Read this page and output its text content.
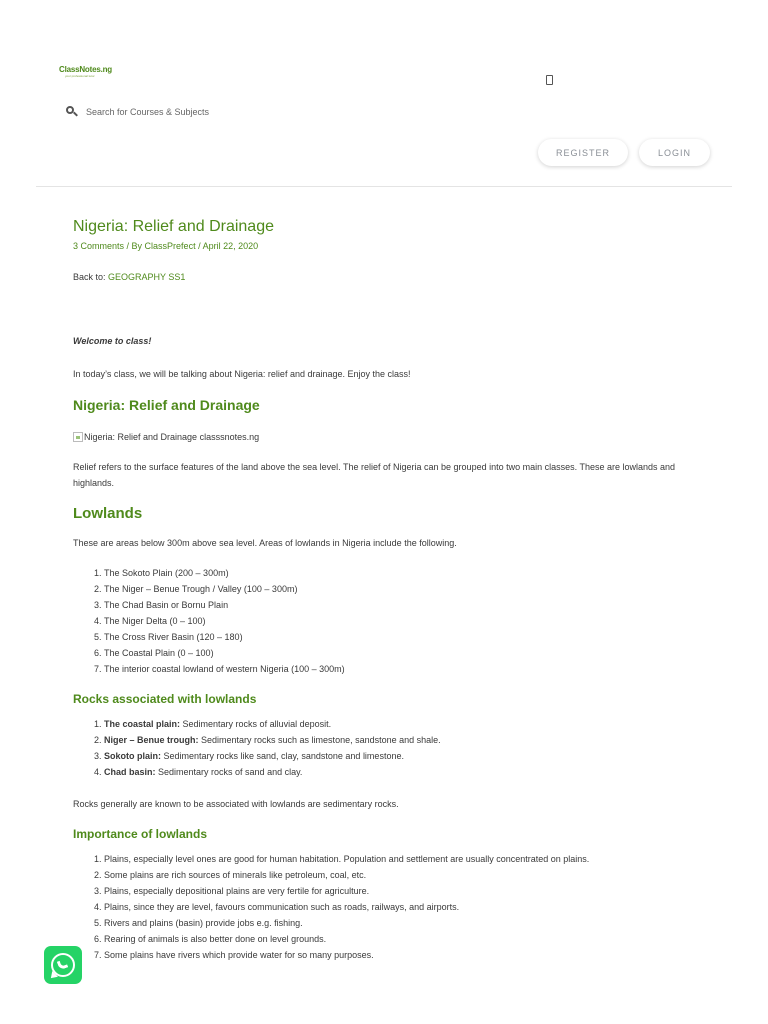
ClassNotes.ng
your professional tutor
Search for Courses & Subjects
REGISTER	LOGIN
Nigeria: Relief and Drainage
3 Comments / By ClassPrefect / April 22, 2020
Back to: GEOGRAPHY SS1

Welcome to class!

In today’s class, we will be talking about Nigeria: relief and drainage. Enjoy the class!

Nigeria: Relief and Drainage
Nigeria: Relief and Drainage classsnotes.ng

Relief refers to the surface features of the land above the sea level. The relief of Nigeria can be grouped into two main classes. These are lowlands and highlands.

Lowlands

These are areas below 300m above sea level. Areas of lowlands in Nigeria include the following.

1. The Sokoto Plain (200 – 300m)
2. The Niger – Benue Trough / Valley (100 – 300m)
3. The Chad Basin or Bornu Plain
4. The Niger Delta (0 – 100)
5. The Cross River Basin (120 – 180)
6. The Coastal Plain (0 – 100)
7. The interior coastal lowland of western Nigeria (100 – 300m)
Rocks associated with lowlands
1. The coastal plain: Sedimentary rocks of alluvial deposit.
2. Niger – Benue trough: Sedimentary rocks such as limestone, sandstone and shale.
3. Sokoto plain: Sedimentary rocks like sand, clay, sandstone and limestone.
4. Chad basin: Sedimentary rocks of sand and clay.

Rocks generally are known to be associated with lowlands are sedimentary rocks.

Importance of lowlands
1. Plains, especially level ones are good for human habitation. Population and settlement are usually concentrated on plains.
2. Some plains are rich sources of minerals like petroleum, coal, etc.
3. Plains, especially depositional plains are very fertile for agriculture.
4. Plains, since they are level, favours communication such as roads, railways, and airports.
5. Rivers and plains (basin) provide jobs e.g. fishing.
6. Rearing of animals is also better done on level grounds.
7. Some plains have rivers which provide water for so many purposes.
